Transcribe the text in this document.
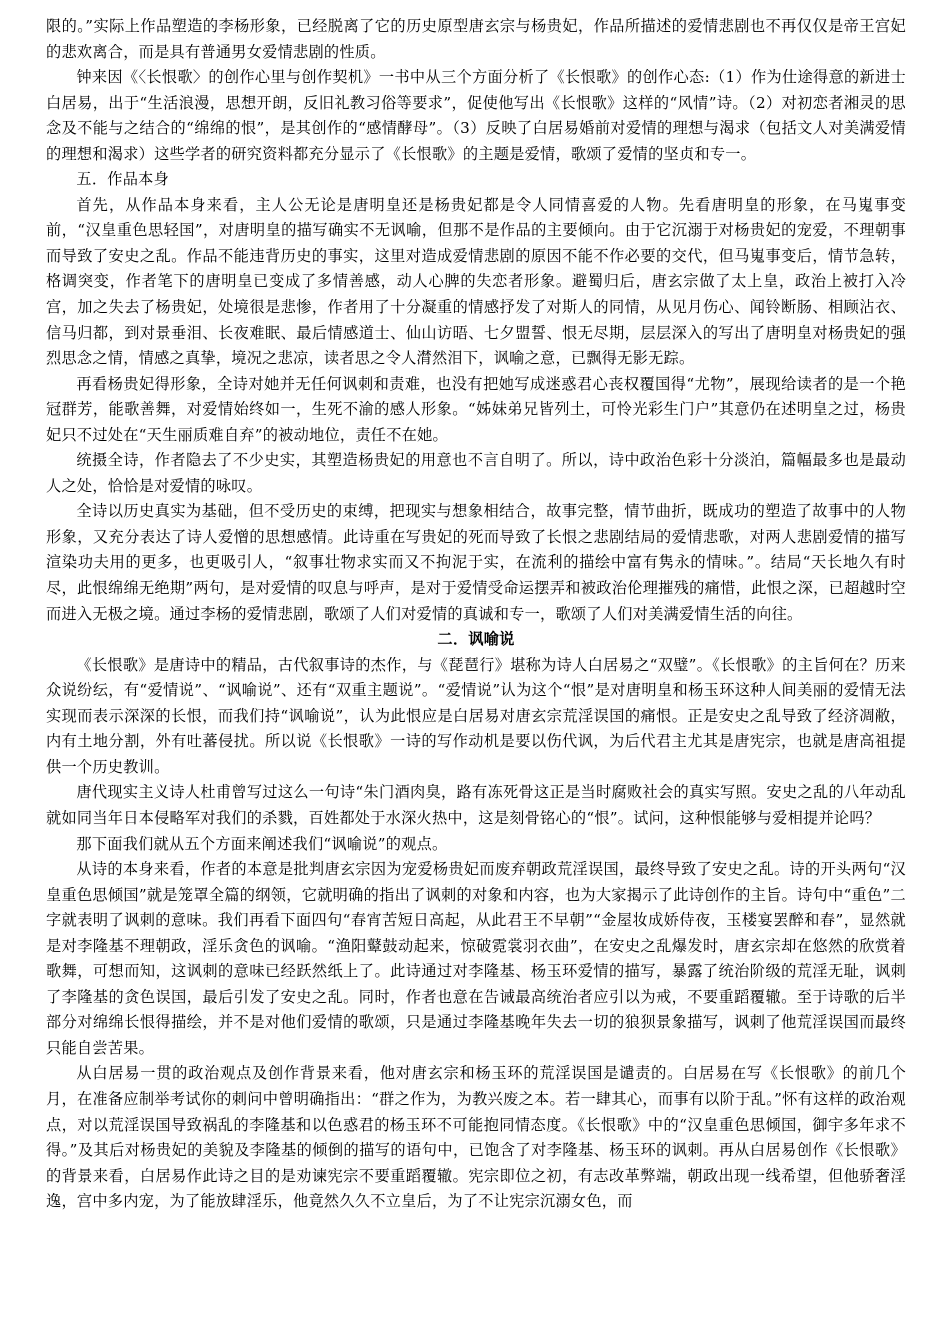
限的。”实际上作品塑造的李杨形象，已经脱离了它的历史原型唐玄宗与杨贵妃，作品所描述的爱情悲剧也不再仅仅是帝王宫妃的悲欢离合，而是具有普通男女爱情悲剧的性质。

钟来因《〈长恨歌〉的创作心里与创作契机》一书中从三个方面分析了《长恨歌》的创作心态:（1）作为仕途得意的新进士白居易，出于“生活浪漫，思想开朗，反旧礼教习俗等要求”，促使他写出《长恨歌》这样的“风情”诗。（2）对初恋者湘灵的思念及不能与之结合的“绵绵的恨”，是其创作的“感情酵母”。（3）反映了白居易婚前对爱情的理想与渴求（包括文人对美满爱情的理想和渴求）这些学者的研究资料都充分显示了《长恨歌》的主题是爱情，歌颂了爱情的坚贞和专一。

五．作品本身

首先，从作品本身来看，主人公无论是唐明皇还是杨贵妃都是令人同情喜爱的人物。先看唐明皇的形象，在马嵬事变前，“汉皇重色思轻国”，对唐明皇的描写确实不无讽喻，但那不是作品的主要倾向。由于它沉溺于对杨贵妃的宠爱，不理朝事而导致了安史之乱。作品不能违背历史的事实，这里对造成爱情悲剧的原因不能不作必要的交代，但马嵬事变后，情节急转，格调突变，作者笔下的唐明皇已变成了多情善感，动人心脾的失恋者形象。避蜀归后，唐玄宗做了太上皇，政治上被打入冷宫，加之失去了杨贵妃，处境很是悲惨，作者用了十分凝重的情感抒发了对斯人的同情，从见月伤心、闻铃断肠、相顾沾衣、信马归都，到对景垂泪、长夜难眠、最后情感道士、仙山访晤、七夕盟誓、恨无尽期，层层深入的写出了唐明皇对杨贵妃的强烈思念之情，情感之真挚，境况之悲凉，读者思之令人潸然泪下，讽喻之意，已飘得无影无踪。

再看杨贵妃得形象，全诗对她并无任何讽刺和责难，也没有把她写成迷惑君心丧权覆国得“尤物”，展现给读者的是一个艳冠群芳，能歌善舞，对爱情始终如一，生死不渝的感人形象。“姊妹弟兄皆列土，可怜光彩生门户”其意仍在述明皇之过，杨贵妃只不过处在“天生丽质难自弃”的被动地位，责任不在她。

统摄全诗，作者隐去了不少史实，其塑造杨贵妃的用意也不言自明了。所以，诗中政治色彩十分淡泊，篇幅最多也是最动人之处，恰恰是对爱情的咏叹。

全诗以历史真实为基础，但不受历史的束缚，把现实与想象相结合，故事完整，情节曲折，既成功的塑造了故事中的人物形象，又充分表达了诗人爱憎的思想感情。此诗重在写贵妃的死而导致了长恨之悲剧结局的爱情悲歌，对两人悲剧爱情的描写渲染功夫用的更多，也更吸引人，“叙事壮物求实而又不拘泥于实，在流利的描绘中富有隽永的情味。”。结局“天长地久有时尽，此恨绵绵无绝期”两句，是对爱情的叹息与呼声，是对于爱情受命运摆弄和被政治伦理摧残的痛惜，此恨之深，已超越时空而进入无极之境。通过李杨的爱情悲剧，歌颂了人们对爱情的真诚和专一，歌颂了人们对美满爱情生活的向往。

二．讽喻说

《长恨歌》是唐诗中的精品，古代叙事诗的杰作，与《琵琶行》堪称为诗人白居易之“双璧”。《长恨歌》的主旨何在？历来众说纷纭，有“爱情说”、“讽喻说”、还有“双重主题说”。“爱情说”认为这个“恨”是对唐明皇和杨玉环这种人间美丽的爱情无法实现而表示深深的长恨，而我们持“讽喻说”，认为此恨应是白居易对唐玄宗荒淫误国的痛恨。正是安史之乱导致了经济凋敝，内有土地分割，外有吐蕃侵扰。所以说《长恨歌》一诗的写作动机是要以伤代讽，为后代君主尤其是唐宪宗，也就是唐高祖提供一个历史教训。

唐代现实主义诗人杜甫曾写过这么一句诗“朱门酒肉臭，路有冻死骨这正是当时腐败社会的真实写照。安史之乱的八年动乱就如同当年日本侵略军对我们的杀戮，百姓都处于水深火热中，这是刻骨铭心的“恨”。试问，这种恨能够与爱相提并论吗？

那下面我们就从五个方面来阐述我们“讽喻说”的观点。

从诗的本身来看，作者的本意是批判唐玄宗因为宠爱杨贵妃而废弃朝政荒淫误国，最终导致了安史之乱。诗的开头两句“汉皇重色思倾国”就是笼罩全篇的纲领，它就明确的指出了讽刺的对象和内容，也为大家揭示了此诗创作的主旨。诗句中“重色”二字就表明了讽刺的意味。我们再看下面四句“春宵苦短日高起，从此君王不早朝”“金屋妆成娇侍夜，玉楼宴罢醉和春”，显然就是对李隆基不理朝政，淫乐贪色的讽喻。“渔阳鼙鼓动起来，惊破霓裳羽衣曲”，在安史之乱爆发时，唐玄宗却在悠然的欣赏着歌舞，可想而知，这讽刺的意味已经跃然纸上了。此诗通过对李隆基、杨玉环爱情的描写，暴露了统治阶级的荒淫无耻，讽刺了李隆基的贪色误国，最后引发了安史之乱。同时，作者也意在告诫最高统治者应引以为戒，不要重蹈覆辙。至于诗歌的后半部分对绵绵长恨得描绘，并不是对他们爱情的歌颂，只是通过李隆基晚年失去一切的狼狈景象描写，讽刺了他荒淫误国而最终只能自尝苦果。

从白居易一贯的政治观点及创作背景来看，他对唐玄宗和杨玉环的荒淫误国是谴责的。白居易在写《长恨歌》的前几个月，在准备应制举考试你的刺问中曾明确指出：“群之作为，为教兴废之本。若一肆其心，而事有以阶于乱。”怀有这样的政治观点，对以荒淫误国导致祸乱的李隆基和以色惑君的杨玉环不可能抱同情态度。《长恨歌》中的“汉皇重色思倾国，御宇多年求不得。”及其后对杨贵妃的美貌及李隆基的倾倒的描写的语句中，已饱含了对李隆基、杨玉环的讽刺。再从白居易创作《长恨歌》的背景来看，白居易作此诗之目的是劝谏宪宗不要重蹈覆辙。宪宗即位之初，有志改革弊端，朝政出现一线希望，但他骄奢淫逸，宫中多内宠，为了能放肆淫乐，他竟然久久不立皇后，为了不让宪宗沉溺女色，而
